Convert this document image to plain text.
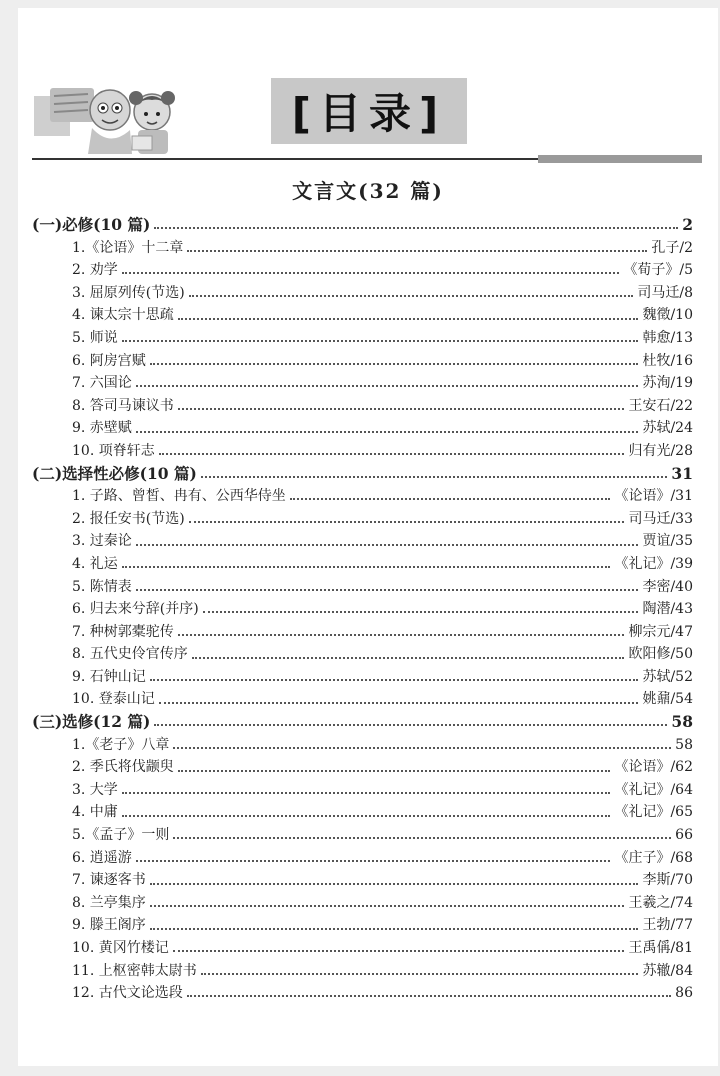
[目录]
文言文(32 篇)
(一)必修(10 篇)	2
1.《论语》十二章	孔子/2
2. 劝学	《荀子》/5
3. 屈原列传(节选)	司马迁/8
4. 谏太宗十思疏	魏徵/10
5. 师说	韩愈/13
6. 阿房宫赋	杜牧/16
7. 六国论	苏洵/19
8. 答司马谏议书	王安石/22
9. 赤壁赋	苏轼/24
10. 项脊轩志	归有光/28
(二)选择性必修(10 篇)	31
1. 子路、曾皙、冉有、公西华侍坐	《论语》/31
2. 报任安书(节选)	司马迁/33
3. 过秦论	贾谊/35
4. 礼运	《礼记》/39
5. 陈情表	李密/40
6. 归去来兮辞(并序)	陶潜/43
7. 种树郭橐驼传	柳宗元/47
8. 五代史伶官传序	欧阳修/50
9. 石钟山记	苏轼/52
10. 登泰山记	姚鼐/54
(三)选修(12 篇)	58
1.《老子》八章	58
2. 季氏将伐颛臾	《论语》/62
3. 大学	《礼记》/64
4. 中庸	《礼记》/65
5.《孟子》一则	66
6. 逍遥游	《庄子》/68
7. 谏逐客书	李斯/70
8. 兰亭集序	王羲之/74
9. 滕王阁序	王勃/77
10. 黄冈竹楼记	王禹偁/81
11. 上枢密韩太尉书	苏辙/84
12. 古代文论选段	86
